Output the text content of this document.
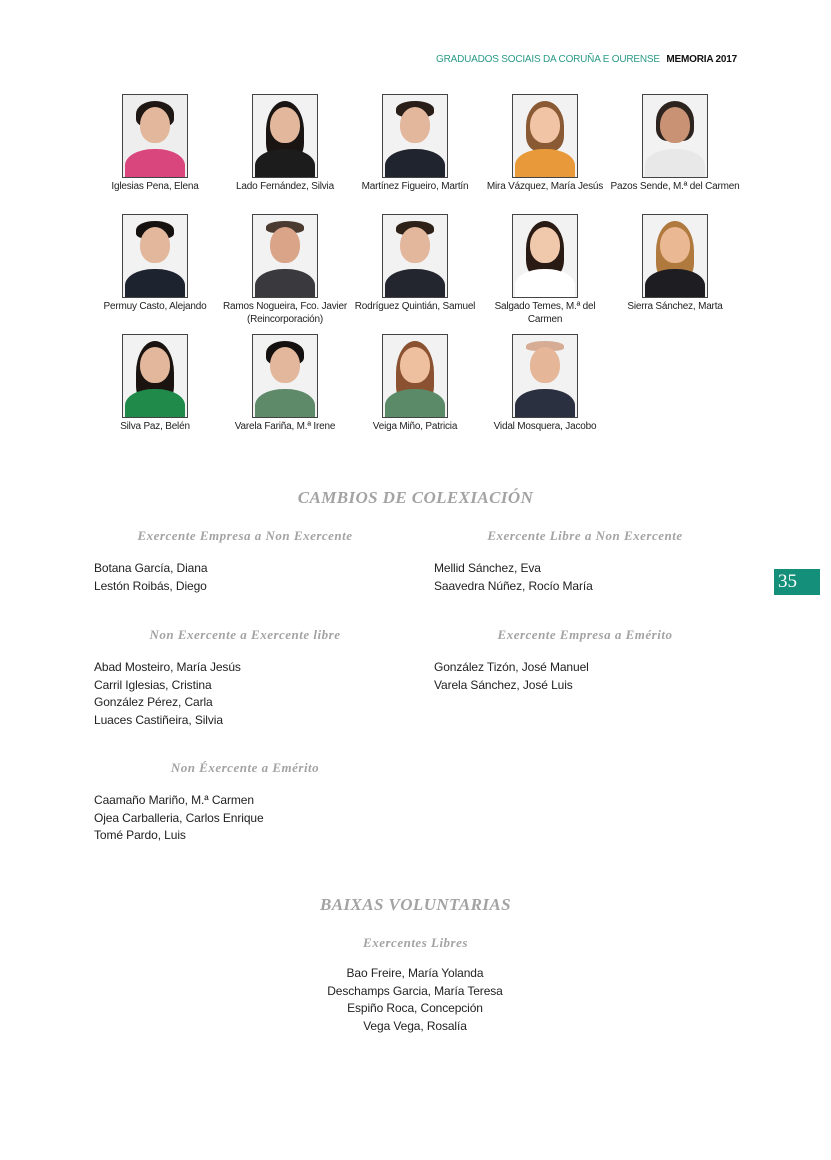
GRADUADOS SOCIAIS DA CORUÑA E OURENSE MEMORIA 2017
35
Iglesias Pena, Elena	Lado Fernández, Silvia	Martínez Figueiro, Martín	Mira Vázquez, María Jesús Pazos Sende, M.ª del Carmen
Permuy Casto, Alejando	Ramos Nogueira, Fco. Javier
(Reincorporación)
Rodríguez Quintián, Samuel	Salgado Temes, M.ª del Carmen
Sierra Sánchez, Marta
Silva Paz, Belén	Varela Fariña, M.ª Irene	Veiga Miño, Patricia	Vidal Mosquera, Jacobo
CAMBIOS DE COLEXIACIÓN
Exercente Empresa a Non Exercente
Botana García, Diana
Lestón Roibás, Diego
Exercente Libre a Non Exercente
Mellid Sánchez, Eva
Saavedra Núñez, Rocío María
Non Exercente a Exercente libre
Abad Mosteiro, María Jesús
Carril Iglesias, Cristina
González Pérez, Carla
Luaces Castiñeira, Silvia
Exercente Empresa a Emérito
González Tizón, José Manuel
Varela Sánchez, José Luis
Non Éxercente a Emérito
Caamaño Mariño, M.ª Carmen
Ojea Carballeria, Carlos Enrique
Tomé Pardo, Luis
BAIXAS VOLUNTARIAS
Exercentes Libres
Bao Freire, María Yolanda
Deschamps Garcia, María Teresa
Espiño Roca, Concepción
Vega Vega, Rosalía
